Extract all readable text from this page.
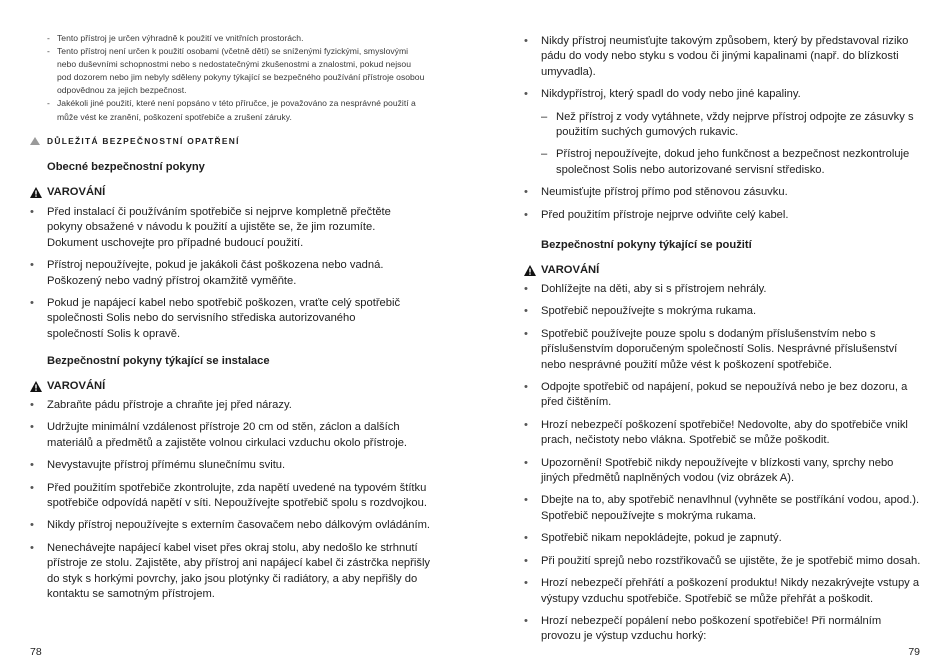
- Tento přístroj je určen výhradně k použití ve vnitřních prostorách.
- Tento přístroj není určen k použití osobami (včetně dětí) se sníženými fyzickými, smyslovými nebo duševními schopnostmi nebo s nedostatečnými zkušenostmi a znalostmi, pokud nejsou pod dozorem nebo jim nebyly sděleny pokyny týkající se bezpečného používání přístroje osobou odpovědnou za jejich bezpečnost.
- Jakékoli jiné použití, které není popsáno v této příručce, je považováno za nesprávné použití a může vést ke zranění, poškození spotřebiče a zrušení záruky.
DŮLEŽITÁ BEZPEČNOSTNÍ OPATŘENÍ
Obecné bezpečnostní pokyny
VAROVÁNÍ
• Před instalací či používáním spotřebiče si nejprve kompletně přečtěte pokyny obsažené v návodu k použití a ujistěte se, že jim rozumíte. Dokument uschovejte pro případné budoucí použití.
• Přístroj nepoužívejte, pokud je jakákoli část poškozena nebo vadná. Poškozený nebo vadný přístroj okamžitě vyměňte.
• Pokud je napájecí kabel nebo spotřebič poškozen, vraťte celý spotřebič společnosti Solis nebo do servisního střediska autorizovaného společností Solis k opravě.
Bezpečnostní pokyny týkající se instalace
VAROVÁNÍ
• Zabraňte pádu přístroje a chraňte jej před nárazy.
• Udržujte minimální vzdálenost přístroje 20 cm od stěn, záclon a dalších materiálů a předmětů a zajistěte volnou cirkulaci vzduchu okolo přístroje.
• Nevystavujte přístroj přímému slunečnímu svitu.
• Před použitím spotřebiče zkontrolujte, zda napětí uvedené na typovém štítku spotřebiče odpovídá napětí v síti. Nepoužívejte spotřebič spolu s rozdvojkou.
• Nikdy přístroj nepoužívejte s externím časovačem nebo dálkovým ovládáním.
• Nenechávejte napájecí kabel viset přes okraj stolu, aby nedošlo ke strhnutí přístroje ze stolu. Zajistěte, aby přístroj ani napájecí kabel či zástrčka nepřišly do styk s horkými povrchy, jako jsou plotýnky či radiátory, a aby nepřišly do kontaktu se samotným přístrojem.
78
• Nikdy přístroj neumisťujte takovým způsobem, který by představoval riziko pádu do vody nebo styku s vodou či jinými kapalinami (např. do blízkosti umyvadla).
• Nikdypřístroj, který spadl do vody nebo jiné kapaliny.
– Než přístroj z vody vytáhnete, vždy nejprve přístroj odpojte ze zásuvky s použitím suchých gumových rukavic.
– Přístroj nepoužívejte, dokud jeho funkčnost a bezpečnost nezkontroluje společnost Solis nebo autorizované servisní středisko.
• Neumisťujte přístroj přímo pod stěnovou zásuvku.
• Před použitím přístroje nejprve odviňte celý kabel.
Bezpečnostní pokyny týkající se použití
VAROVÁNÍ
• Dohlížejte na děti, aby si s přístrojem nehrály.
• Spotřebič nepoužívejte s mokrýma rukama.
• Spotřebič používejte pouze spolu s dodaným příslušenstvím nebo s příslušenstvím doporučeným společností Solis. Nesprávné příslušenství nebo nesprávné použití může vést k poškození spotřebiče.
• Odpojte spotřebič od napájení, pokud se nepoužívá nebo je bez dozoru, a před čištěním.
• Hrozí nebezpečí poškození spotřebiče! Nedovolte, aby do spotřebiče vnikl prach, nečistoty nebo vlákna. Spotřebič se může poškodit.
• Upozornění! Spotřebič nikdy nepoužívejte v blízkosti vany, sprchy nebo jiných předmětů naplněných vodou (viz obrázek A).
• Dbejte na to, aby spotřebič nenavlhnul (vyhněte se postříkání vodou, apod.). Spotřebič nepoužívejte s mokrýma rukama.
• Spotřebič nikam nepokládejte, pokud je zapnutý.
• Při použití sprejů nebo rozstřikovačů se ujistěte, že je spotřebič mimo dosah.
• Hrozí nebezpečí přehřátí a poškození produktu! Nikdy nezakrývejte vstupy a výstupy vzduchu spotřebiče. Spotřebič se může přehřát a poškodit.
• Hrozí nebezpečí popálení nebo poškození spotřebiče! Při normálním provozu je výstup vzduchu horký:
79
